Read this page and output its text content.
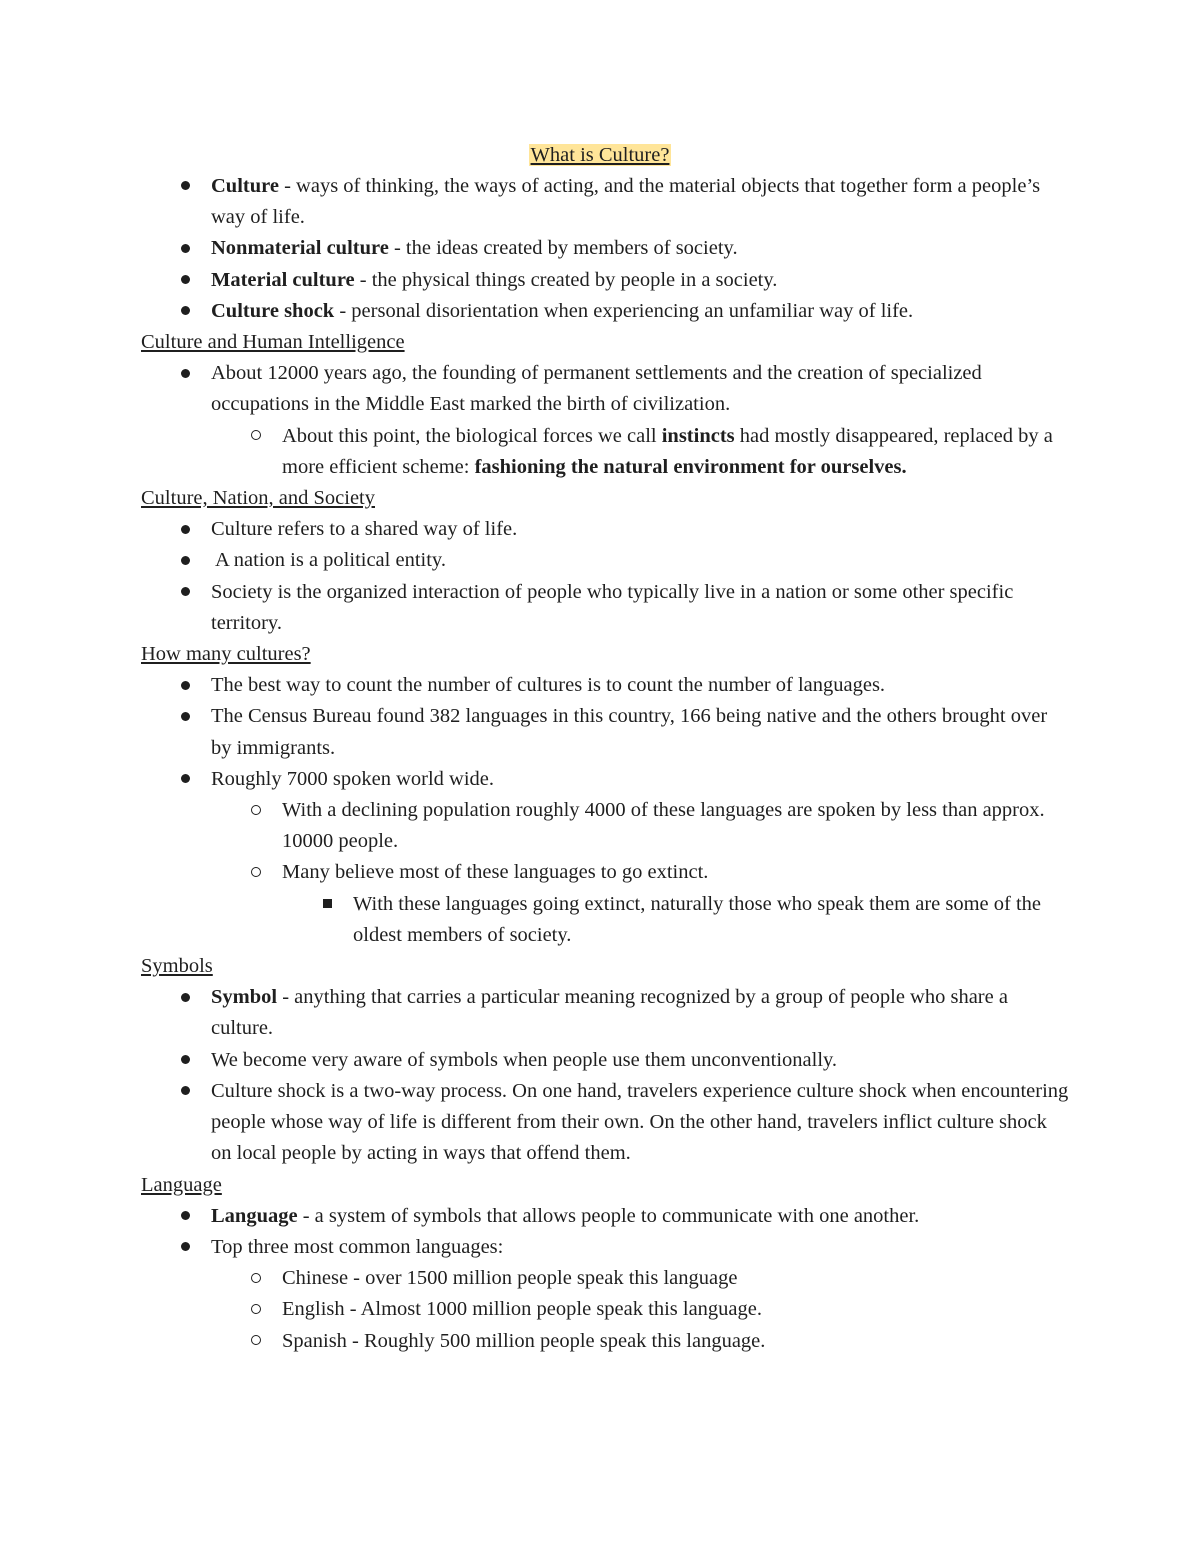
What is Culture?
Culture - ways of thinking, the ways of acting, and the material objects that together form a people’s way of life.
Nonmaterial culture - the ideas created by members of society.
Material culture - the physical things created by people in a society.
Culture shock - personal disorientation when experiencing an unfamiliar way of life.
Culture and Human Intelligence
About 12000 years ago, the founding of permanent settlements and the creation of specialized occupations in the Middle East marked the birth of civilization.
About this point, the biological forces we call instincts had mostly disappeared, replaced by a more efficient scheme: fashioning the natural environment for ourselves.
Culture, Nation, and Society
Culture refers to a shared way of life.
A nation is a political entity.
Society is the organized interaction of people who typically live in a nation or some other specific territory.
How many cultures?
The best way to count the number of cultures is to count the number of languages.
The Census Bureau found 382 languages in this country, 166 being native and the others brought over by immigrants.
Roughly 7000 spoken world wide.
With a declining population roughly 4000 of these languages are spoken by less than approx. 10000 people.
Many believe most of these languages to go extinct.
With these languages going extinct, naturally those who speak them are some of the oldest members of society.
Symbols
Symbol - anything that carries a particular meaning recognized by a group of people who share a culture.
We become very aware of symbols when people use them unconventionally.
Culture shock is a two-way process. On one hand, travelers experience culture shock when encountering people whose way of life is different from their own. On the other hand, travelers inflict culture shock on local people by acting in ways that offend them.
Language
Language - a system of symbols that allows people to communicate with one another.
Top three most common languages:
Chinese - over 1500 million people speak this language
English - Almost 1000 million people speak this language.
Spanish - Roughly 500 million people speak this language.
